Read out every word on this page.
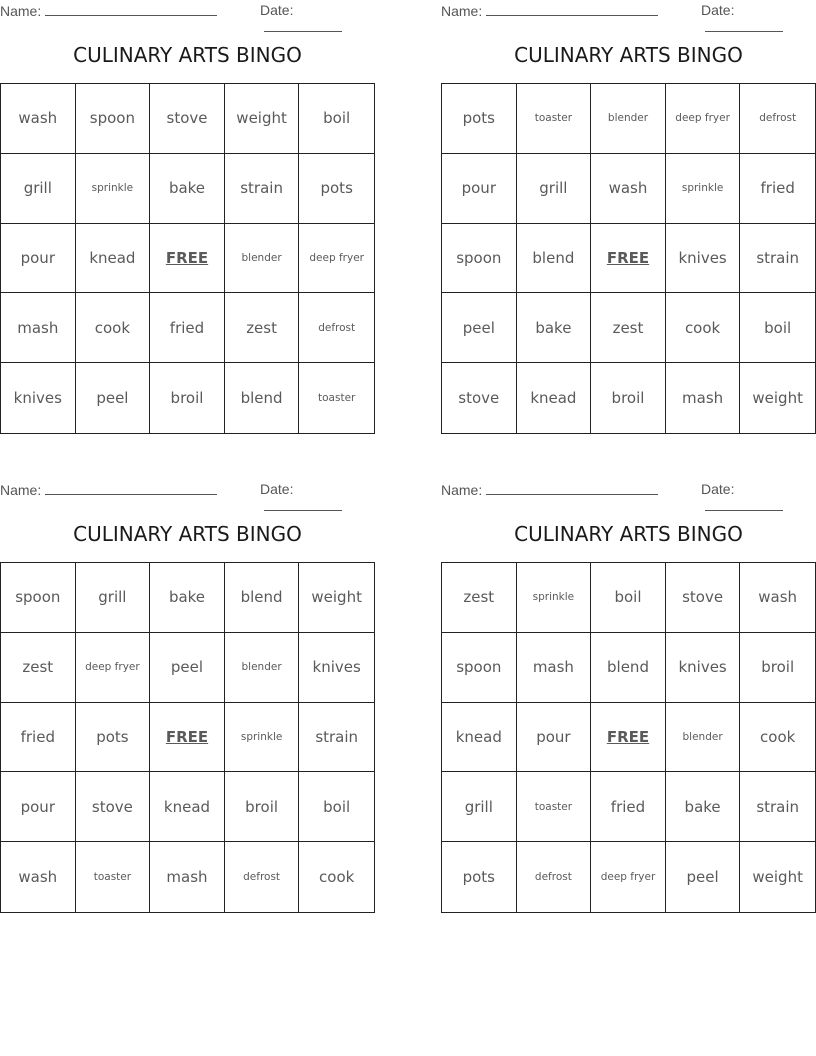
Name:	Date:
CULINARY ARTS BINGO
wash	spoon	stove	weight	boil
grill	sprinkle	bake	strain	pots
pour	knead	FREE	blender	deep fryer
mash	cook	fried	zest	defrost
knives	peel	broil	blend	toaster
Name:	Date:
CULINARY ARTS BINGO
pots	toaster	blender	deep fryer	defrost
pour	grill	wash	sprinkle	fried
spoon	blend	FREE	knives	strain
peel	bake	zest	cook	boil
stove	knead	broil	mash	weight
Name:	Date:
CULINARY ARTS BINGO
spoon	grill	bake	blend	weight
zest	deep fryer	peel	blender	knives
fried	pots	FREE	sprinkle	strain
pour	stove	knead	broil	boil
wash	toaster	mash	defrost	cook
Name:	Date:
CULINARY ARTS BINGO
zest	sprinkle	boil	stove	wash
spoon	mash	blend	knives	broil
knead	pour	FREE	blender	cook
grill	toaster	fried	bake	strain
pots	defrost	deep fryer	peel	weight
